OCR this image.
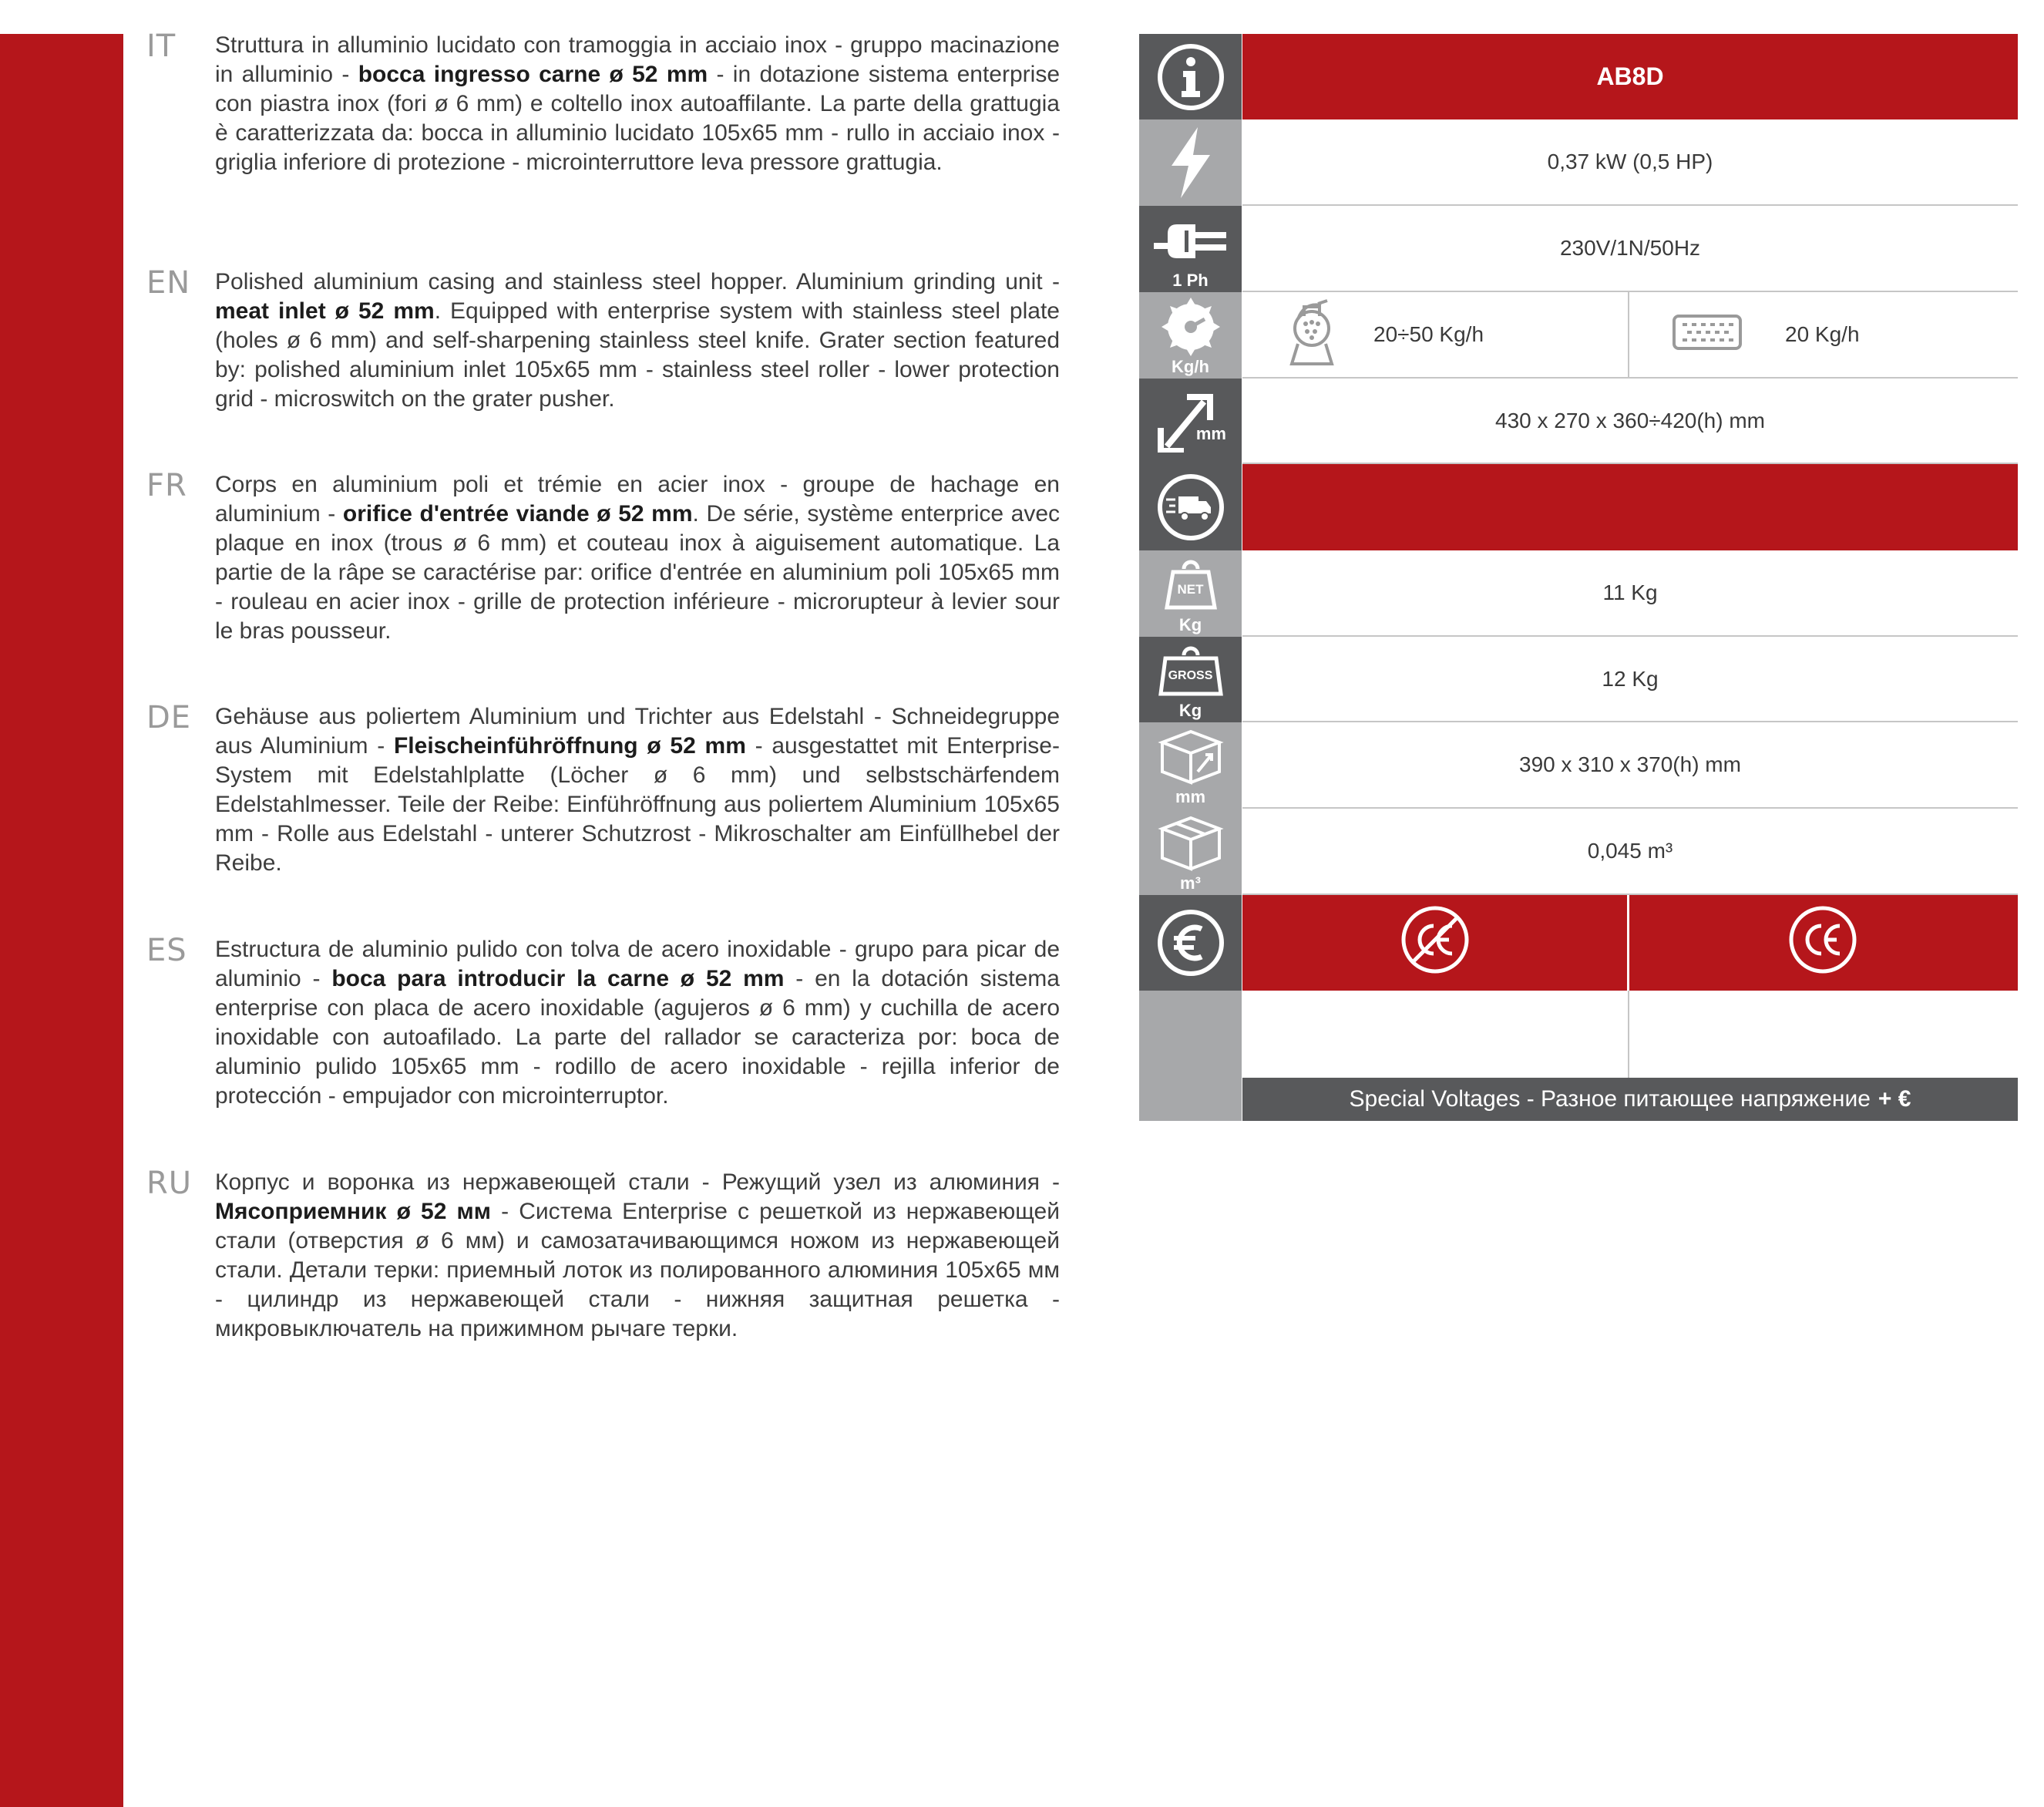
IT Struttura in alluminio lucidato con tramoggia in acciaio inox - gruppo macinazione in alluminio - bocca ingresso carne ø 52 mm - in dotazione sistema enterprise con piastra inox (fori ø 6 mm) e coltello inox autoaffilante. La parte della grattugia è caratterizzata da: bocca in alluminio lucidato 105x65 mm - rullo in acciaio inox - griglia inferiore di protezione - microinterruttore leva pressore grattugia.

EN Polished aluminium casing and stainless steel hopper. Aluminium grinding unit - meat inlet ø 52 mm. Equipped with enterprise system with stainless steel plate (holes ø 6 mm) and self-sharpening stainless steel knife. Grater section featured by: polished aluminium inlet 105x65 mm - stainless steel roller - lower protection grid - microswitch on the grater pusher.

FR Corps en aluminium poli et trémie en acier inox - groupe de hachage en aluminium - orifice d'entrée viande ø 52 mm. De série, système enterprice avec plaque en inox (trous ø 6 mm) et couteau inox à aiguisement automatique. La partie de la râpe se caractérise par: orifice d'entrée en aluminium poli 105x65 mm - rouleau en acier inox - grille de protection inférieure - microrupteur à levier sour le bras pousseur.

DE Gehäuse aus poliertem Aluminium und Trichter aus Edelstahl - Schneidegruppe aus Aluminium - Fleischeinführöffnung ø 52 mm - ausgestattet mit Enterprise-System mit Edelstahlplatte (Löcher ø 6 mm) und selbstschärfendem Edelstahlmesser. Teile der Reibe: Einführöffnung aus poliertem Aluminium 105x65 mm - Rolle aus Edelstahl - unterer Schutzrost - Mikroschalter am Einfüllhebel der Reibe.

ES Estructura de aluminio pulido con tolva de acero inoxidable - grupo para picar de aluminio - boca para introducir la carne ø 52 mm - en la dotación sistema enterprise con placa de acero inoxidable (agujeros ø 6 mm) y cuchilla de acero inoxidable con autoafilado. La parte del rallador se caracteriza por: boca de aluminio pulido 105x65 mm - rodillo de acero inoxidable - rejilla inferior de protección - empujador con microinterruptor.

RU Корпус и воронка из нержавеющей стали - Режущий узел из алюминия - Мясоприемник ø 52 мм - Система Enterprise с решеткой из нержавеющей стали (отверстия ø 6 мм) и самозатачивающимся ножом из нержавеющей стали. Детали терки: приемный лоток из полированного алюминия 105x65 мм - цилиндр из нержавеющей стали - нижняя защитная решетка - микровыключатель на прижимном рычаге терки.

AB8D
0,37 kW (0,5 HP)
1 Ph
230V/1N/50Hz
Kg/h
20÷50 Kg/h	20 Kg/h
mm
430 x 270 x 360÷420(h) mm
NET
Kg
11 Kg
GROSS
Kg
12 Kg
mm
390 x 310 x 370(h) mm
m³
0,045 m³
Special Voltages - Разное питающее напряжение + €
